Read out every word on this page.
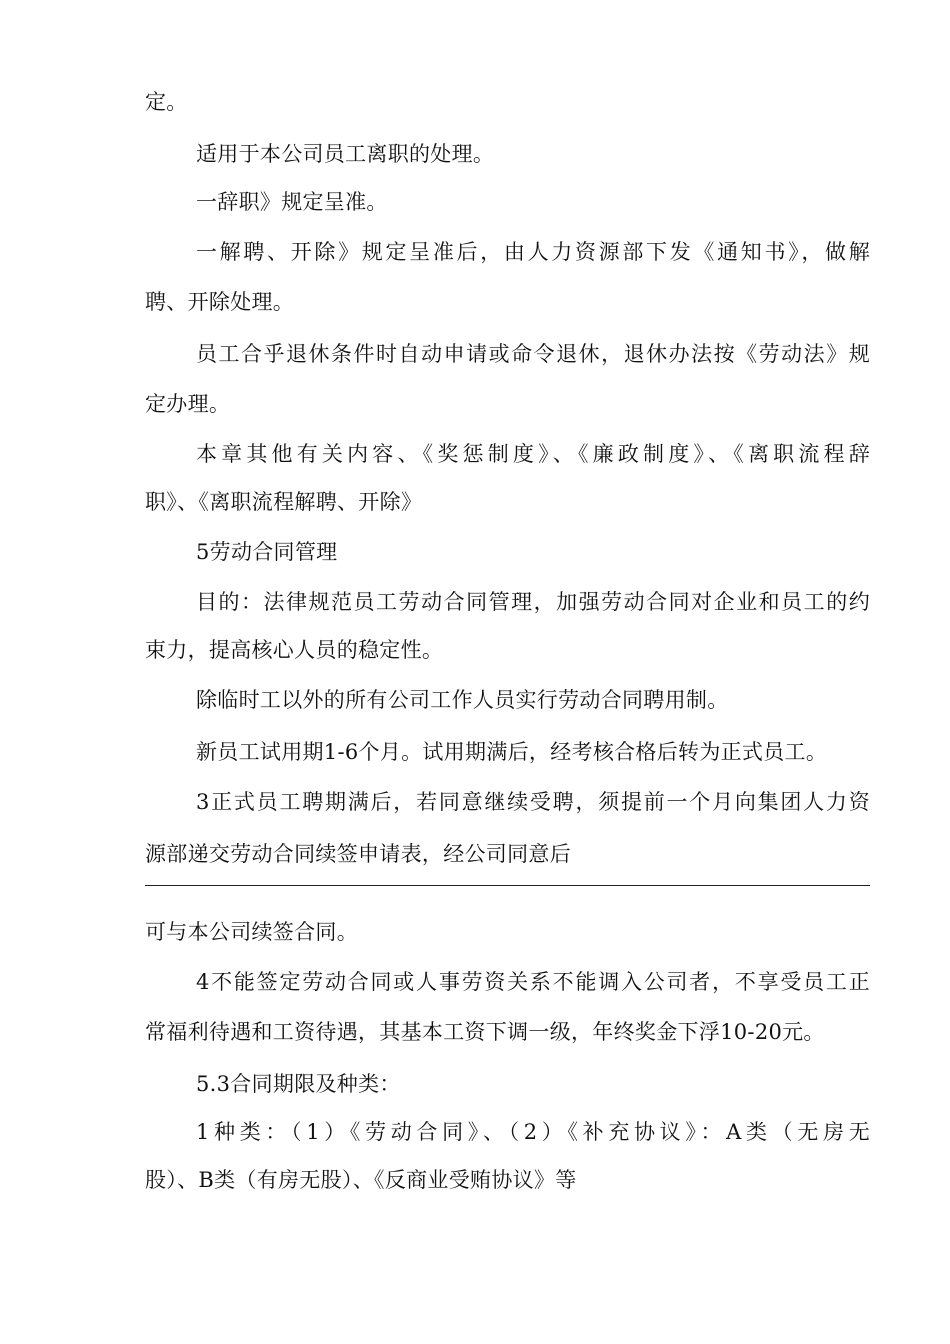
定。
适用于本公司员工离职的处理。
一辞职》规定呈准。
一解聘、开除》规定呈准后，由人力资源部下发《通知书》，做解
聘、开除处理。
员工合乎退休条件时自动申请或命令退休，退休办法按《劳动法》规
定办理。
本章其他有关内容、《奖惩制度》、《廉政制度》、《离职流程辞
职》、《离职流程解聘、开除》
5劳动合同管理
目的：法律规范员工劳动合同管理，加强劳动合同对企业和员工的约
束力，提高核心人员的稳定性。
除临时工以外的所有公司工作人员实行劳动合同聘用制。
新员工试用期1-6个月。试用期满后，经考核合格后转为正式员工。
3正式员工聘期满后，若同意继续受聘，须提前一个月向集团人力资
源部递交劳动合同续签申请表，经公司同意后
可与本公司续签合同。
4不能签定劳动合同或人事劳资关系不能调入公司者，不享受员工正
常福利待遇和工资待遇，其基本工资下调一级，年终奖金下浮10-20元。
5.3合同期限及种类：
1种类：（1）《劳动合同》、（2）《补充协议》：A类（无房无
股）、B类（有房无股）、《反商业受贿协议》等
